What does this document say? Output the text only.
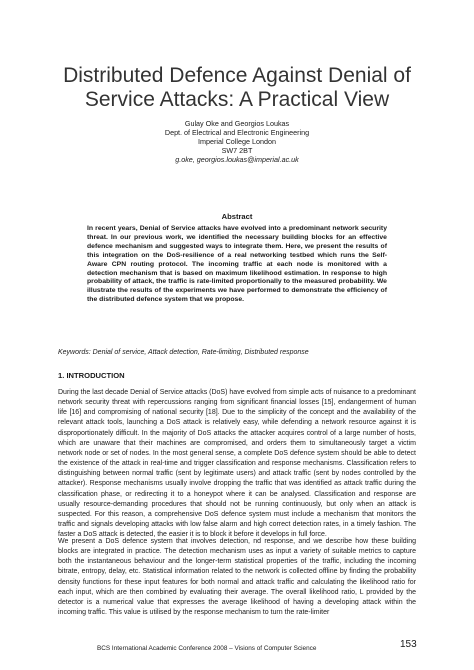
Distributed Defence Against Denial of Service Attacks: A Practical View
Gulay Oke and Georgios Loukas
Dept. of Electrical and Electronic Engineering
Imperial College London
SW7 2BT
g.oke, georgios.loukas@imperial.ac.uk
Abstract
In recent years, Denial of Service attacks have evolved into a predominant network security threat. In our previous work, we identified the necessary building blocks for an effective defence mechanism and suggested ways to integrate them. Here, we present the results of this integration on the DoS-resilience of a real networking testbed which runs the Self-Aware CPN routing protocol. The incoming traffic at each node is monitored with a detection mechanism that is based on maximum likelihood estimation. In response to high probability of attack, the traffic is rate-limited proportionally to the measured probability. We illustrate the results of the experiments we have performed to demonstrate the efficiency of the distributed defence system that we propose.
Keywords: Denial of service, Attack detection, Rate-limiting, Distributed response
1. INTRODUCTION
During the last decade Denial of Service attacks (DoS) have evolved from simple acts of nuisance to a predominant network security threat with repercussions ranging from significant financial losses [15], endangerment of human life [16] and compromising of national security [18]. Due to the simplicity of the concept and the availability of the relevant attack tools, launching a DoS attack is relatively easy, while defending a network resource against it is disproportionately difficult. In the majority of DoS attacks the attacker acquires control of a large number of hosts, which are unaware that their machines are compromised, and orders them to simultaneously target a victim network node or set of nodes. In the most general sense, a complete DoS defence system should be able to detect the existence of the attack in real-time and trigger classification and response mechanisms. Classification refers to distinguishing between normal traffic (sent by legitimate users) and attack traffic (sent by nodes controlled by the attacker). Response mechanisms usually involve dropping the traffic that was identified as attack traffic during the classification phase, or redirecting it to a honeypot where it can be analysed. Classification and response are usually resource-demanding procedures that should not be running continuously, but only when an attack is suspected. For this reason, a comprehensive DoS defence system must include a mechanism that monitors the traffic and signals developing attacks with low false alarm and high correct detection rates, in a timely fashion. The faster a DoS attack is detected, the easier it is to block it before it develops in full force.
We present a DoS defence system that involves detection, nd response, and we describe how these building blocks are integrated in practice. The detection mechanism uses as input a variety of suitable metrics to capture both the instantaneous behaviour and the longer-term statistical properties of the traffic, including the incoming bitrate, entropy, delay, etc. Statistical information related to the network is collected offline by finding the probability density functions for these input features for both normal and attack traffic and calculating the likelihood ratio for each input, which are then combined by evaluating their average. The overall likelihood ratio, L provided by the detector is a numerical value that expresses the average likelihood of having a developing attack within the incoming traffic. This value is utilised by the response mechanism to turn the rate-limiter
BCS International Academic Conference 2008 – Visions of Computer Science	153
